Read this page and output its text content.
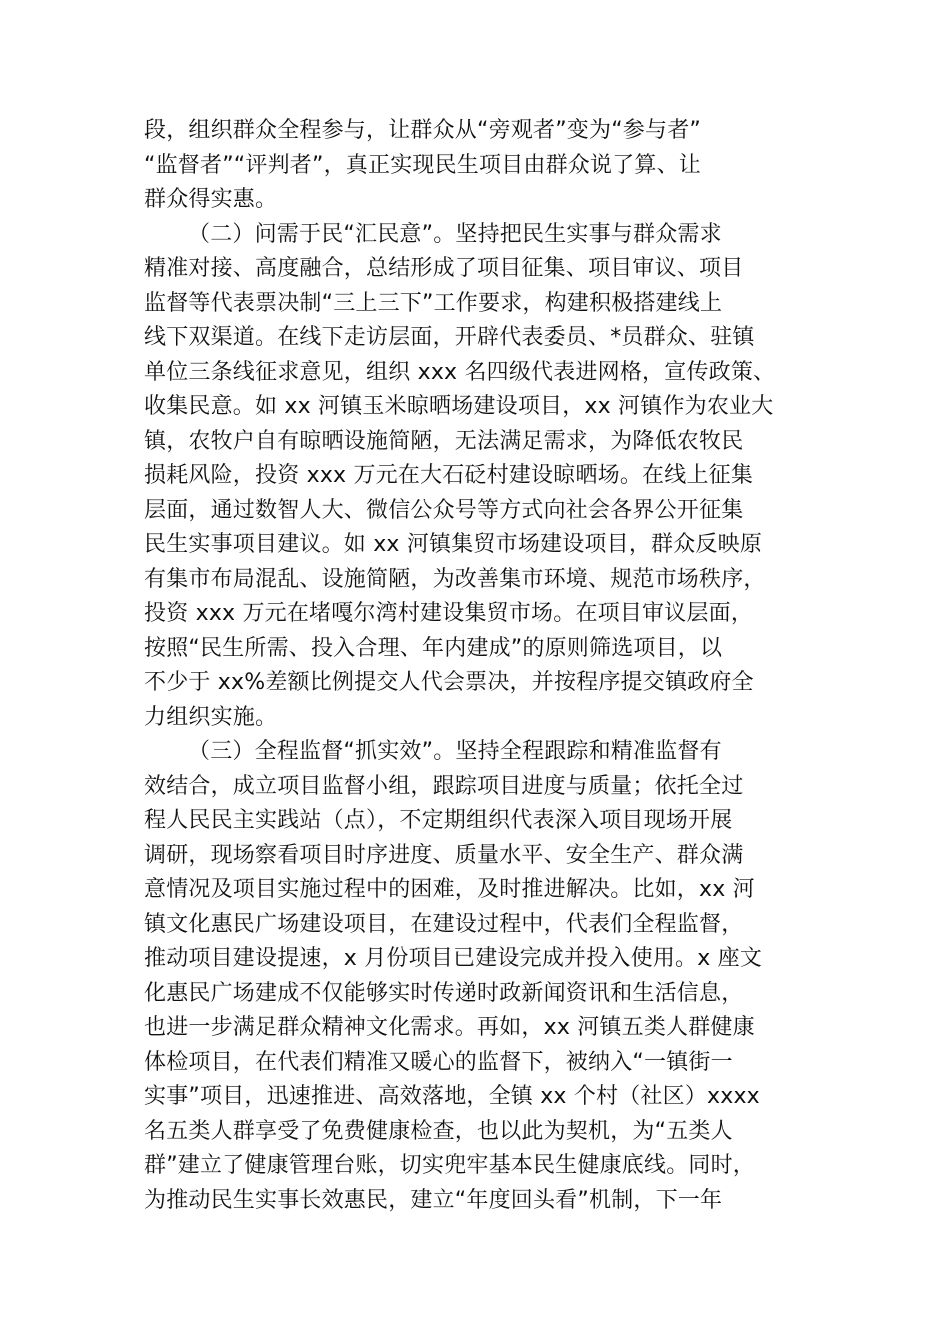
段，组织群众全程参与，让群众从“旁观者”变为“参与者”
“监督者”“评判者”，真正实现民生项目由群众说了算、让
群众得实惠。
（二）问需于民“汇民意”。坚持把民生实事与群众需求
精准对接、高度融合，总结形成了项目征集、项目审议、项目
监督等代表票决制“三上三下”工作要求，构建积极搭建线上
线下双渠道。在线下走访层面，开辟代表委员、*员群众、驻镇
单位三条线征求意见，组织 xxx 名四级代表进网格，宣传政策、
收集民意。如 xx 河镇玉米晾晒场建设项目，xx 河镇作为农业大
镇，农牧户自有晾晒设施简陋，无法满足需求，为降低农牧民
损耗风险，投资 xxx 万元在大石砭村建设晾晒场。在线上征集
层面，通过数智人大、微信公众号等方式向社会各界公开征集
民生实事项目建议。如 xx 河镇集贸市场建设项目，群众反映原
有集市布局混乱、设施简陋，为改善集市环境、规范市场秩序，
投资 xxx 万元在堵嘎尔湾村建设集贸市场。在项目审议层面，
按照“民生所需、投入合理、年内建成”的原则筛选项目，以
不少于 xx%差额比例提交人代会票决，并按程序提交镇政府全
力组织实施。
（三）全程监督“抓实效”。坚持全程跟踪和精准监督有
效结合，成立项目监督小组，跟踪项目进度与质量；依托全过
程人民民主实践站（点），不定期组织代表深入项目现场开展
调研，现场察看项目时序进度、质量水平、安全生产、群众满
意情况及项目实施过程中的困难，及时推进解决。比如，xx 河
镇文化惠民广场建设项目，在建设过程中，代表们全程监督，
推动项目建设提速，x 月份项目已建设完成并投入使用。x 座文
化惠民广场建成不仅能够实时传递时政新闻资讯和生活信息，
也进一步满足群众精神文化需求。再如，xx 河镇五类人群健康
体检项目，在代表们精准又暖心的监督下，被纳入“一镇街一
实事”项目，迅速推进、高效落地，全镇 xx 个村（社区）xxxx
名五类人群享受了免费健康检查，也以此为契机，为“五类人
群”建立了健康管理台账，切实兜牢基本民生健康底线。同时，
为推动民生实事长效惠民，建立“年度回头看”机制，下一年
